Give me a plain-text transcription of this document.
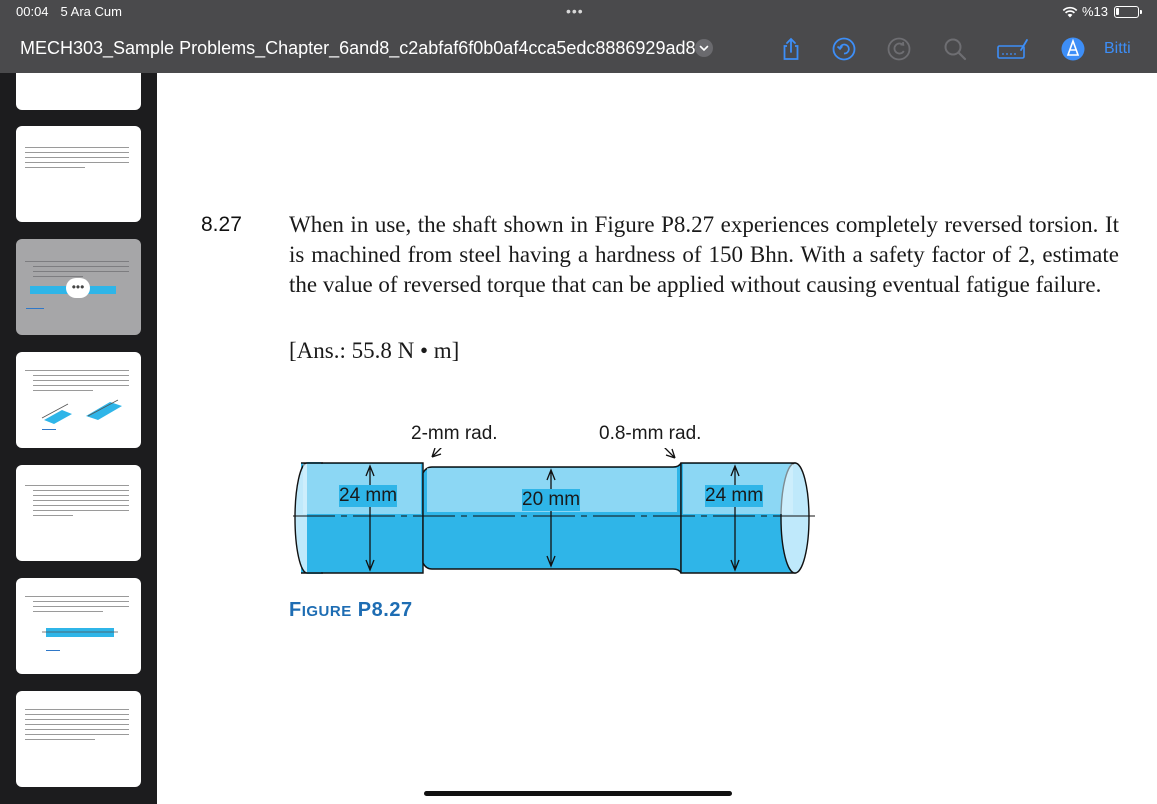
00:04 5 Ara Cum	•••	%13
MECH303_Sample Problems_Chapter_6and8_c2abfaf6f0b0af4cca5edc8886929ad8	Bitti
•••
8.27 When in use, the shaft shown in Figure P8.27 experiences completely reversed torsion. It is machined from steel having a hardness of 150 Bhn. With a safety factor of 2, estimate the value of reversed torque that can be applied without causing eventual fatigue failure.
[Ans.: 55.8 N • m]
2-mm rad.	0.8-mm rad.
24 mm	20 mm	24 mm
FIGURE P8.27
